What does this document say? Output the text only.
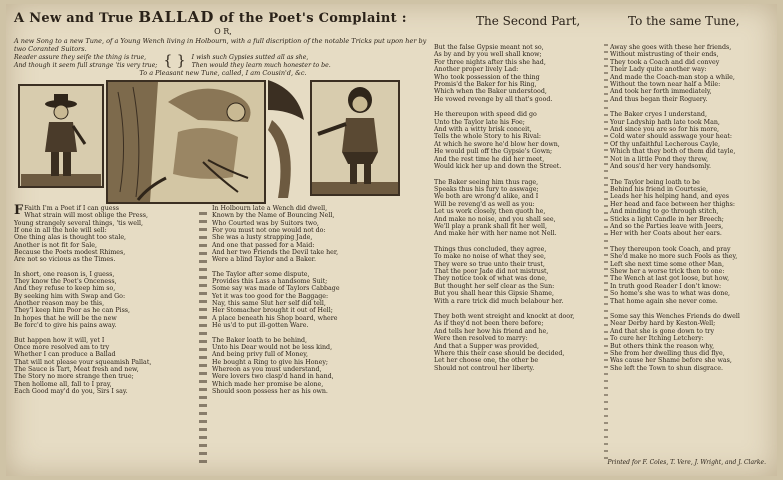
A New and True BALLAD of the Poet's Complaint :
O R,
A new Song to a new Tune, of a Young Wench living in Holbourn, with a full discription of the notable Tricks put upon her by two Coranted Suitors.
Reader assure they seife the thing is true,
And though it seem full strange 'tis very true; { } I wish such Gypsies sutted all as she,
Then would they learn much honester to be.
To a Pleasant new Tune, called, I am Cousin'd, &c.
F Faith I'm a Poet if I can guess
What strain will most oblige the Press,
Young strangely several things, 'tis well,
If one in all the hole will sell:
One thing alas is thought too stale,
Another is not fit for Sale,
Because the Poets modest Rhimes,
Are not so vicious as the Times.
In short, one reason is, I guess,
They know the Poet's Onceness,
And they refuse to keep him so,
By seeking him with Swap and Go:
Another reason may be this,
They'l keep him Poor as he can Piss,
In hopes that he will be the new
Be forc'd to give his pains away.
But happen how it will, yet I
Once more resolved am to try
Whether I can produce a Ballad
That will not please your squeamish Pallat,
The Sauce is Tart, Meat fresh and new,
The Story no more strange then true;
Then hollome all, fall to I pray,
Each Good may'd do you, Sirs I say.
In Holbourn late a Wench did dwell,
Known by the Name of Bouncing Nell,
Who Courted was by Suitors two,
For you must not one would not do:
She was a lusty strapping Jade,
And one that passed for a Maid:
And her two Friends the Devil take her,
Were a blind Taylor and a Baker.
The Taylor after some dispute,
Provides this Lass a handsome Suit;
Some say was made of Taylors Cabbage
Yet it was too good for the Baggage:
Nay, this same Slut her self did tell,
Her Stomacher brought it out of Hell;
A place beneath his Shop board, where
He us'd to put ill-gotten Ware.
The Baker loath to be behind,
Unto his Dear would not be less kind,
And being privy full of Money,
He bought a Ring to give his Honey;
Whereon as you must understand,
Were lovers two clasp'd hand in hand,
Which made her promise be alone,
Should soon possess her as his own.
The Second Part,
But the false Gypsie meant not so,
As by and by you well shall know;
For three nights after this she had,
Another proper lively Lad:
Who took possession of the thing
Promis'd the Baker for his Ring,
Which when the Baker understood,
He vowed revenge by all that's good.
He thereupon with speed did go
Unto the Taylor late his Foe;
And with a witty brisk conceit,
Tells the whole Story to his Rival:
At which he swore he'd blow her down,
He would pull off the Gypsie's Gown;
And the rest time he did her meet,
Would kick her up and down the Street.
The Baker seeing him thus rage,
Speaks thus his fury to asswage;
We both are wrong'd alike, and I
Will be reveng'd as well as you:
Let us work closely, then quoth he,
And make no noise, and you shall see,
We'll play a prank shall fit her well,
And make her with her name not Nell.
Things thus concluded, they agree,
To make no noise of what they see,
They were so true unto their trust,
That the poor Jade did not mistrust,
They notice took of what was done,
But thought her self clear as the Sun:
But you shall hear this Gipsie Shame,
With a rare trick did much belabour her.
They both went streight and knockt at door,
As if they'd not been there before;
And tells her how his friend and he,
Were then resolved to marry:
And that a Supper was provided,
Where this their case should be decided,
Let her choose one, the other be
Should not controul her liberty.
To the same Tune,
Away she goes with these her friends,
Without mistrusting of their ends,
They took a Coach and did convey
Their Lady quite another way:
And made the Coach-man stop a while,
Without the town near half a Mile:
And took her forth immediately,
And thus began their Roguery.
The Baker cryes I understand,
Your Ladyship hath late took Man,
And since you are so for his more,
Cold water should asswage your heat:
Of thy unfaithful Lecherous Cayle,
Which that they both of them did tayle,
Not in a little Pond they threw,
And sous'd her very handsomly.
The Taylor being loath to be
Behind his friend in Courtesie,
Leads her his helping hand, and eyes
Her head and face between her thighs:
And minding to go through stitch,
Sticks a light Candle in her Breech;
And so the Parties leave with Jeers,
Her with her Coats about her ears.
They thereupon took Coach, and pray
She'd make no more such Fools as they,
Left she next time some other Man,
Shew her a worse trick then to one:
The Wench at last got loose, but how,
In truth good Reader I don't know:
So home's she was to what was done,
That home again she never come.
Some say this Wenches Friends do dwell
Near Derby hard by Keston-Well;
And that she is gone down to try
To cure her Itching Letchery:
But others think the reason why,
She from her dwelling thus did flye,
Was cause her Shame before she was,
She left the Town to shun disgrace.
Printed for F. Coles, T. Vere, J. Wright, and J. Clarke.
